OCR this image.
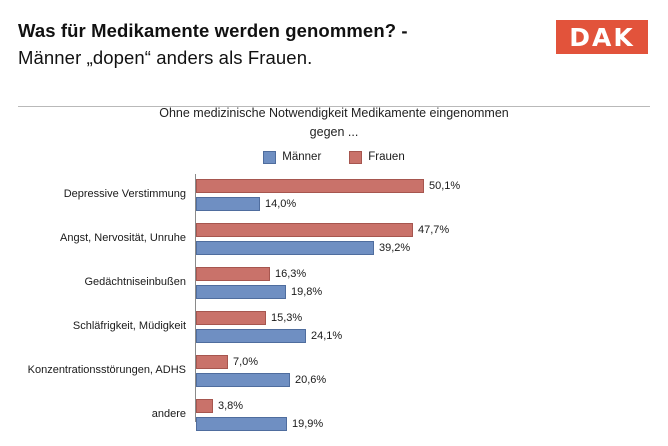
Was für Medikamente werden genommen? -
Männer „dopen“ anders als Frauen.
DAK
Ohne medizinische Notwendigkeit Medikamente eingenommen
gegen ...
Männer	Frauen
Depressive Verstimmung
50,1%
14,0%
Angst, Nervosität, Unruhe
47,7%
39,2%
Gedächtniseinbußen
16,3%
19,8%
Schläfrigkeit, Müdigkeit
15,3%
24,1%
Konzentrationsstörungen, ADHS
7,0%
20,6%
andere
3,8%
19,9%
